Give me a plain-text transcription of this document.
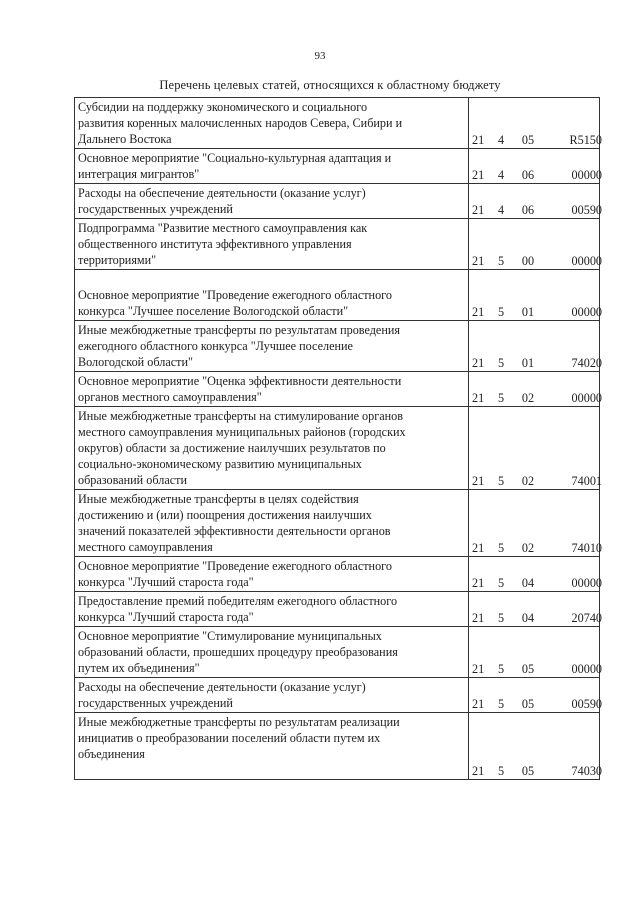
93
Перечень целевых статей, относящихся к областному бюджету
Субсидии на поддержку экономического и социального
развития коренных малочисленных народов Севера, Сибири и
Дальнего Востока	21 4 05 R5150

Основное мероприятие "Социально-культурная адаптация и
интеграция мигрантов"	21 4 06 00000

Расходы на обеспечение деятельности (оказание услуг)
государственных учреждений	21 4 06 00590

Подпрограмма "Развитие местного самоуправления как
общественного института эффективного управления
территориями"	21 5 00 00000

Основное мероприятие "Проведение ежегодного областного
конкурса "Лучшее поселение Вологодской области"	21 5 01 00000

Иные межбюджетные трансферты по результатам проведения
ежегодного областного конкурса "Лучшее поселение
Вологодской области"	21 5 01 74020

Основное мероприятие "Оценка эффективности деятельности
органов местного самоуправления"	21 5 02 00000

Иные межбюджетные трансферты на стимулирование органов
местного самоуправления муниципальных районов (городских
округов) области за достижение наилучших результатов по
социально-экономическому развитию муниципальных
образований области	21 5 02 74001

Иные межбюджетные трансферты в целях содействия
достижению и (или) поощрения достижения наилучших
значений показателей эффективности деятельности органов
местного самоуправления	21 5 02 74010

Основное мероприятие "Проведение ежегодного областного
конкурса "Лучший староста года"	21 5 04 00000

Предоставление премий победителям ежегодного областного
конкурса "Лучший староста года"	21 5 04 20740

Основное мероприятие "Стимулирование муниципальных
образований области, прошедших процедуру преобразования
путем их объединения"	21 5 05 00000

Расходы на обеспечение деятельности (оказание услуг)
государственных учреждений	21 5 05 00590

Иные межбюджетные трансферты по результатам реализации
инициатив о преобразовании поселений области путем их
объединения	21 5 05 74030
